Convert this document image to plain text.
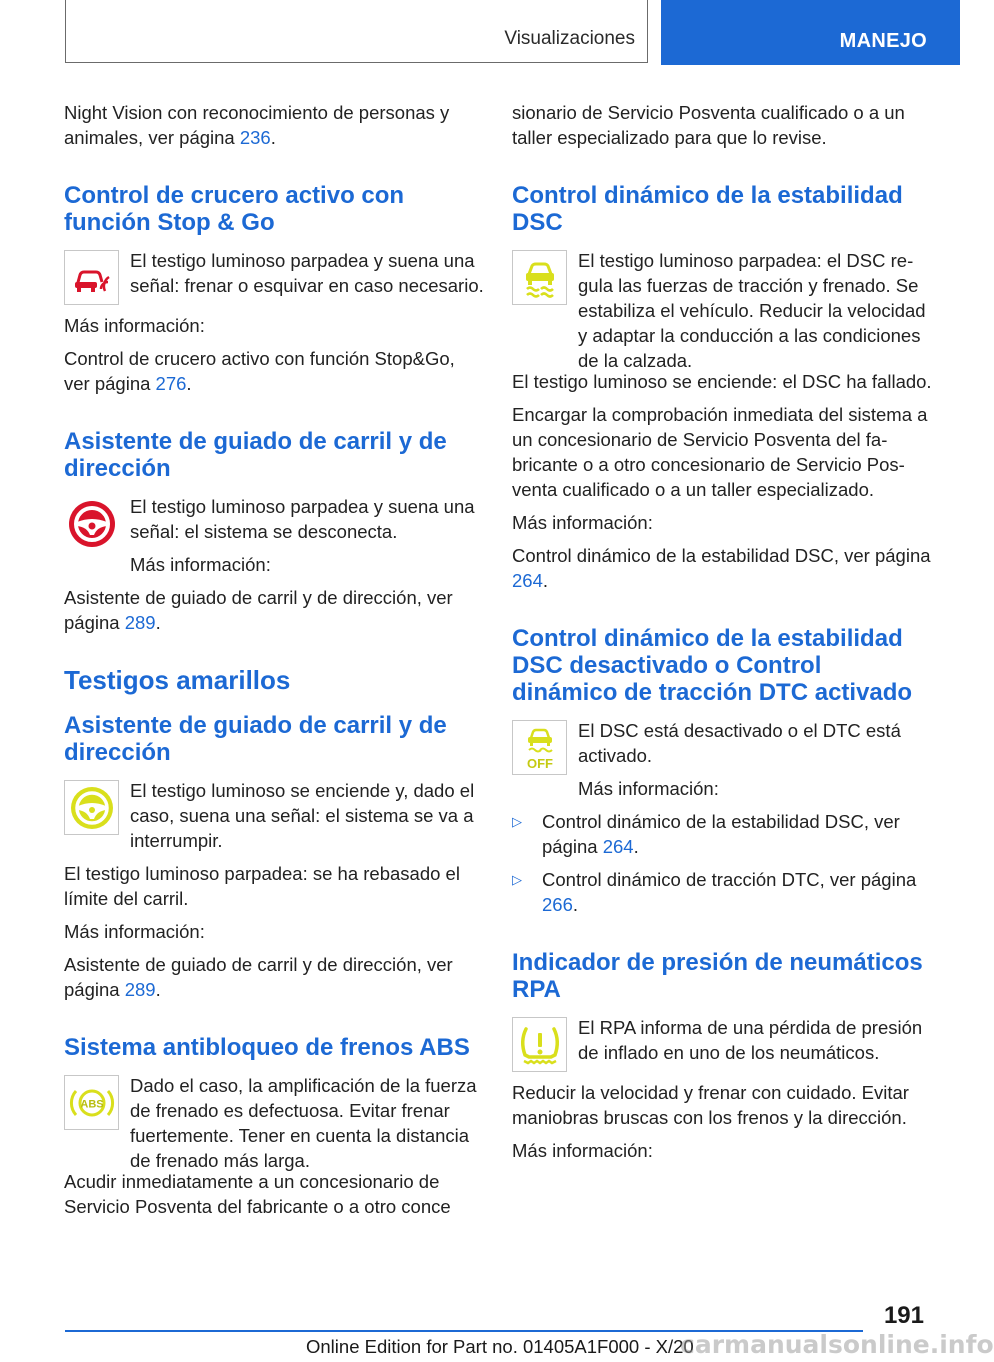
Visualizaciones	MANEJO

Night Vision con reconocimiento de personas y animales, ver página 236.

Control de crucero activo con función Stop & Go

El testigo luminoso parpadea y suena una señal: frenar o esquivar en caso necesario.

Más información:

Control de crucero activo con función Stop&Go, ver página 276.

Asistente de guiado de carril y de dirección

El testigo luminoso parpadea y suena una señal: el sistema se desconecta.

Más información:

Asistente de guiado de carril y de dirección, ver página 289.

Testigos amarillos
Asistente de guiado de carril y de dirección

El testigo luminoso se enciende y, dado el caso, suena una señal: el sistema se va a interrumpir.

El testigo luminoso parpadea: se ha rebasado el límite del carril.

Más información:

Asistente de guiado de carril y de dirección, ver página 289.

Sistema antibloqueo de frenos ABS
ABS

Dado el caso, la amplificación de la fuerza de frenado es defectuosa. Evitar frenar fuertemente. Tener en cuenta la distancia de frenado más larga.

Acudir inmediatamente a un concesionario de Servicio Posventa del fabricante o a otro conce

sionario de Servicio Posventa cualificado o a un taller especializado para que lo revise.

Control dinámico de la estabilidad DSC

El testigo luminoso parpadea: el DSC regula las fuerzas de tracción y frenado. Se estabiliza el vehículo. Reducir la velocidad y adaptar la conducción a las condiciones de la calzada.

El testigo luminoso se enciende: el DSC ha fallado.

Encargar la comprobación inmediata del sistema a un concesionario de Servicio Posventa del fabricante o a otro concesionario de Servicio Posventa cualificado o a un taller especializado.

Más información:

Control dinámico de la estabilidad DSC, ver página 264.

Control dinámico de la estabilidad DSC desactivado o Control dinámico de tracción DTC activado
OFF

El DSC está desactivado o el DTC está activado.

Más información:

▷	Control dinámico de la estabilidad DSC, ver página 264.

▷	Control dinámico de tracción DTC, ver página 266.

Indicador de presión de neumáticos RPA

El RPA informa de una pérdida de presión de inflado en uno de los neumáticos.

Reducir la velocidad y frenar con cuidado. Evitar maniobras bruscas con los frenos y la dirección.

Más información:

191
Online Edition for Part no. 01405A1F000 - X/20
carmanualsonline.info
